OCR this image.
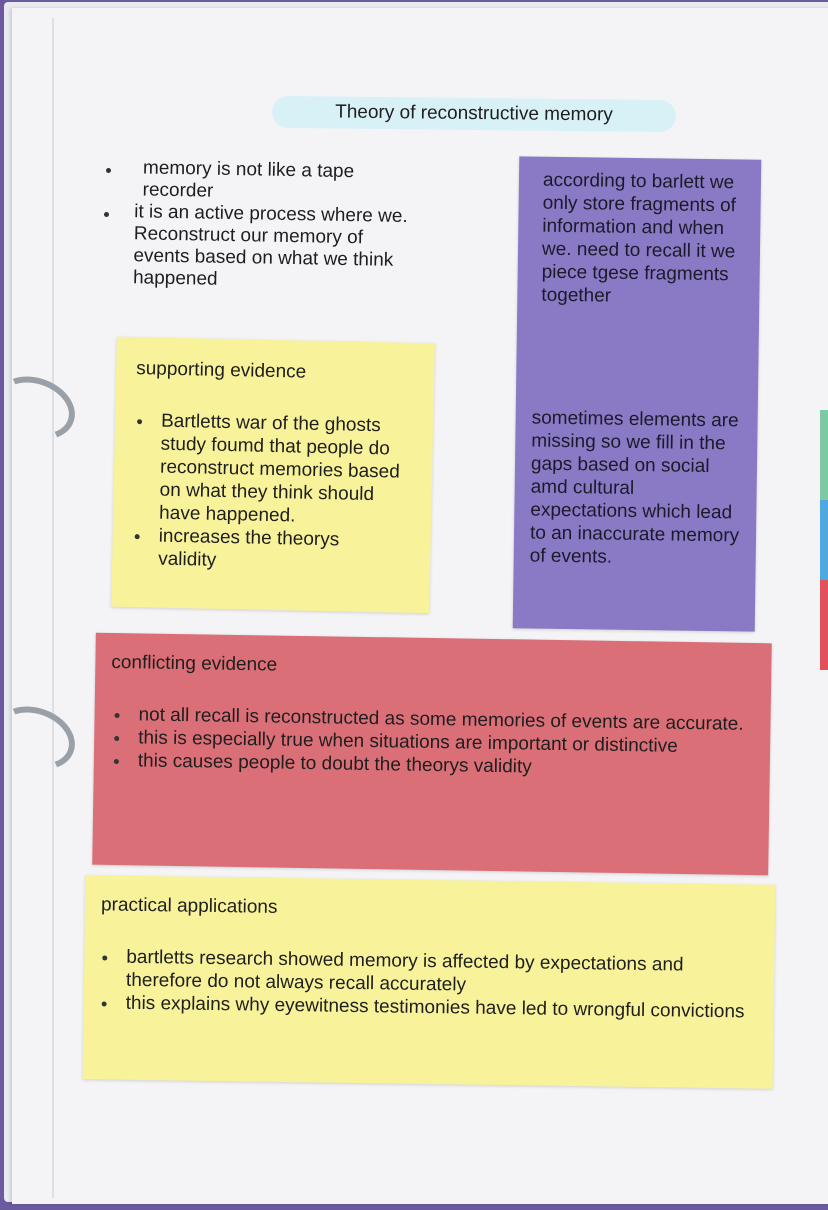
Theory of reconstructive memory

memory is not like a tape recorder

it is an active process where we. Reconstruct our memory of events based on what we think happened

according to barlett we only store fragments of information and when we. need to recall it we piece tgese fragments together

sometimes elements are missing so we fill in the gaps based on social amd cultural expectations which lead to an inaccurate memory of events.

supporting evidence
Bartletts war of the ghosts study foumd that people do reconstruct memories based on what they think should have happened.
increases the theorys validity
conflicting evidence
not all recall is reconstructed as some memories of events are accurate.
this is especially true when situations are important or distinctive
this causes people to doubt the theorys validity
practical applications
bartletts research showed memory is affected by expectations and therefore do not always recall accurately
this explains why eyewitness testimonies have led to wrongful convictions
